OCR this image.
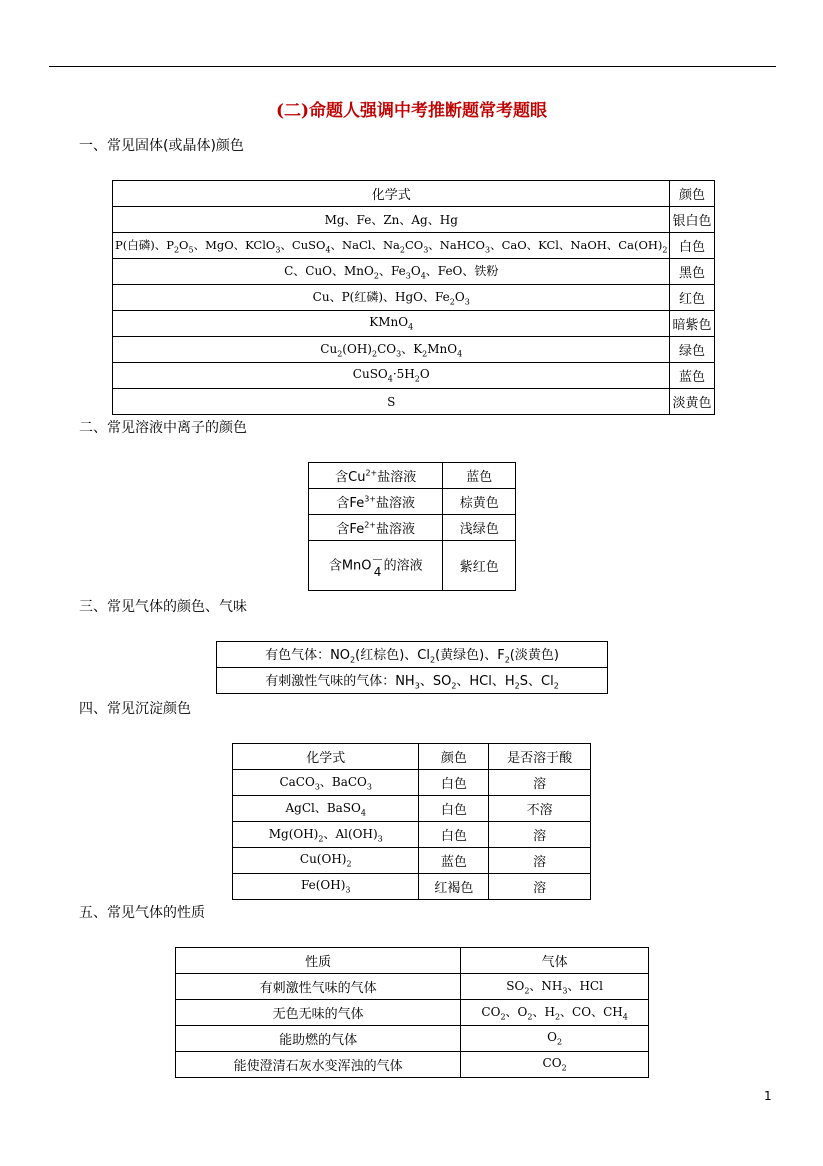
(二)命题人强调中考推断题常考题眼
一、常见固体(或晶体)颜色
化学式	颜色
Mg、Fe、Zn、Ag、Hg	银白色
P(白磷)、$P_2O_5$、MgO、KClO$_3$、CuSO$_4$、NaCl、$Na_2CO_3$、NaHCO$_3$、CaO、KCl、NaOH、$Ca(OH)_2$	白色
C、CuO、MnO$_2$、$Fe_3O_4$、FeO、铁粉	黑色
Cu、P(红磷)、HgO、$Fe_2O_3$	红色
KMnO$_4$	暗紫色
$Cu_2(OH)_2CO_3$、$K_2MnO_4$	绿色
$CuSO_4\cdot 5H_2O$	蓝色
S	淡黄色
二、常见溶液中离子的颜色
含$Cu^{2+}$盐溶液	蓝色
含$Fe^{3+}$盐溶液	棕黄色
含$Fe^{2+}$盐溶液	浅绿色
含MnO－
4 的溶液	紫红色
三、常见气体的颜色、气味
有色气体：$NO_2$(红棕色)、$Cl_2$(黄绿色)、$F_2$(淡黄色)
有刺激性气味的气体：$NH_3$、$SO_2$、HCl、$H_2S$、$Cl_2$
四、常见沉淀颜色
化学式	颜色	是否溶于酸
CaCO$_3$、BaCO$_3$	白色	溶
AgCl、BaSO$_4$	白色	不溶
$Mg(OH)_2$、$Al(OH)_3$	白色	溶
$Cu(OH)_2$	蓝色	溶
$Fe(OH)_3$	红褐色	溶
五、常见气体的性质
性质	气体
有刺激性气味的气体	$SO_2$、$NH_3$、HCl
无色无味的气体	$CO_2$、$O_2$、$H_2$、CO、$CH_4$
能助燃的气体	$O_2$
能使澄清石灰水变浑浊的气体	$CO_2$
1
